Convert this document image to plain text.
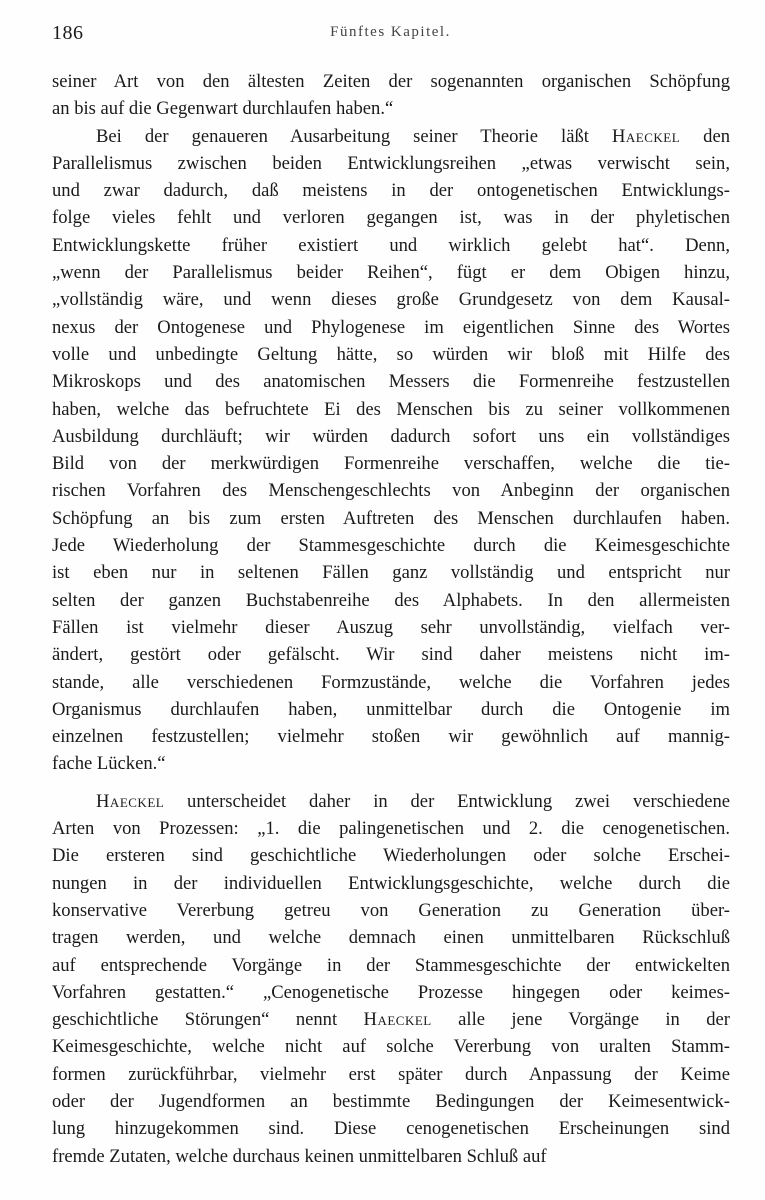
186	Fünftes Kapitel.
seiner Art von den ältesten Zeiten der sogenannten organischen Schöpfung
an bis auf die Gegenwart durchlaufen haben.“
Bei der genaueren Ausarbeitung seiner Theorie läßt Haeckel den
Parallelismus zwischen beiden Entwicklungsreihen „etwas verwischt sein,
und zwar dadurch, daß meistens in der ontogenetischen Entwicklungs-
folge vieles fehlt und verloren gegangen ist, was in der phyletischen
Entwicklungskette früher existiert und wirklich gelebt hat“. Denn,
„wenn der Parallelismus beider Reihen“, fügt er dem Obigen hinzu,
„vollständig wäre, und wenn dieses große Grundgesetz von dem Kausal-
nexus der Ontogenese und Phylogenese im eigentlichen Sinne des Wortes
volle und unbedingte Geltung hätte, so würden wir bloß mit Hilfe des
Mikroskops und des anatomischen Messers die Formenreihe festzustellen
haben, welche das befruchtete Ei des Menschen bis zu seiner vollkommenen
Ausbildung durchläuft; wir würden dadurch sofort uns ein vollständiges
Bild von der merkwürdigen Formenreihe verschaffen, welche die tie-
rischen Vorfahren des Menschengeschlechts von Anbeginn der organischen
Schöpfung an bis zum ersten Auftreten des Menschen durchlaufen haben.
Jede Wiederholung der Stammesgeschichte durch die Keimesgeschichte
ist eben nur in seltenen Fällen ganz vollständig und entspricht nur
selten der ganzen Buchstabenreihe des Alphabets. In den allermeisten
Fällen ist vielmehr dieser Auszug sehr unvollständig, vielfach ver-
ändert, gestört oder gefälscht. Wir sind daher meistens nicht im-
stande, alle verschiedenen Formzustände, welche die Vorfahren jedes
Organismus durchlaufen haben, unmittelbar durch die Ontogenie im
einzelnen festzustellen; vielmehr stoßen wir gewöhnlich auf mannig-
fache Lücken.“
Haeckel unterscheidet daher in der Entwicklung zwei verschiedene
Arten von Prozessen: „1. die palingenetischen und 2. die cenogenetischen.
Die ersteren sind geschichtliche Wiederholungen oder solche Erschei-
nungen in der individuellen Entwicklungsgeschichte, welche durch die
konservative Vererbung getreu von Generation zu Generation über-
tragen werden, und welche demnach einen unmittelbaren Rückschluß
auf entsprechende Vorgänge in der Stammesgeschichte der entwickelten
Vorfahren gestatten.“ „Cenogenetische Prozesse hingegen oder keimes-
geschichtliche Störungen“ nennt Haeckel alle jene Vorgänge in der
Keimesgeschichte, welche nicht auf solche Vererbung von uralten Stamm-
formen zurückführbar, vielmehr erst später durch Anpassung der Keime
oder der Jugendformen an bestimmte Bedingungen der Keimesentwick-
lung hinzugekommen sind. Diese cenogenetischen Erscheinungen sind
fremde Zutaten, welche durchaus keinen unmittelbaren Schluß auf
